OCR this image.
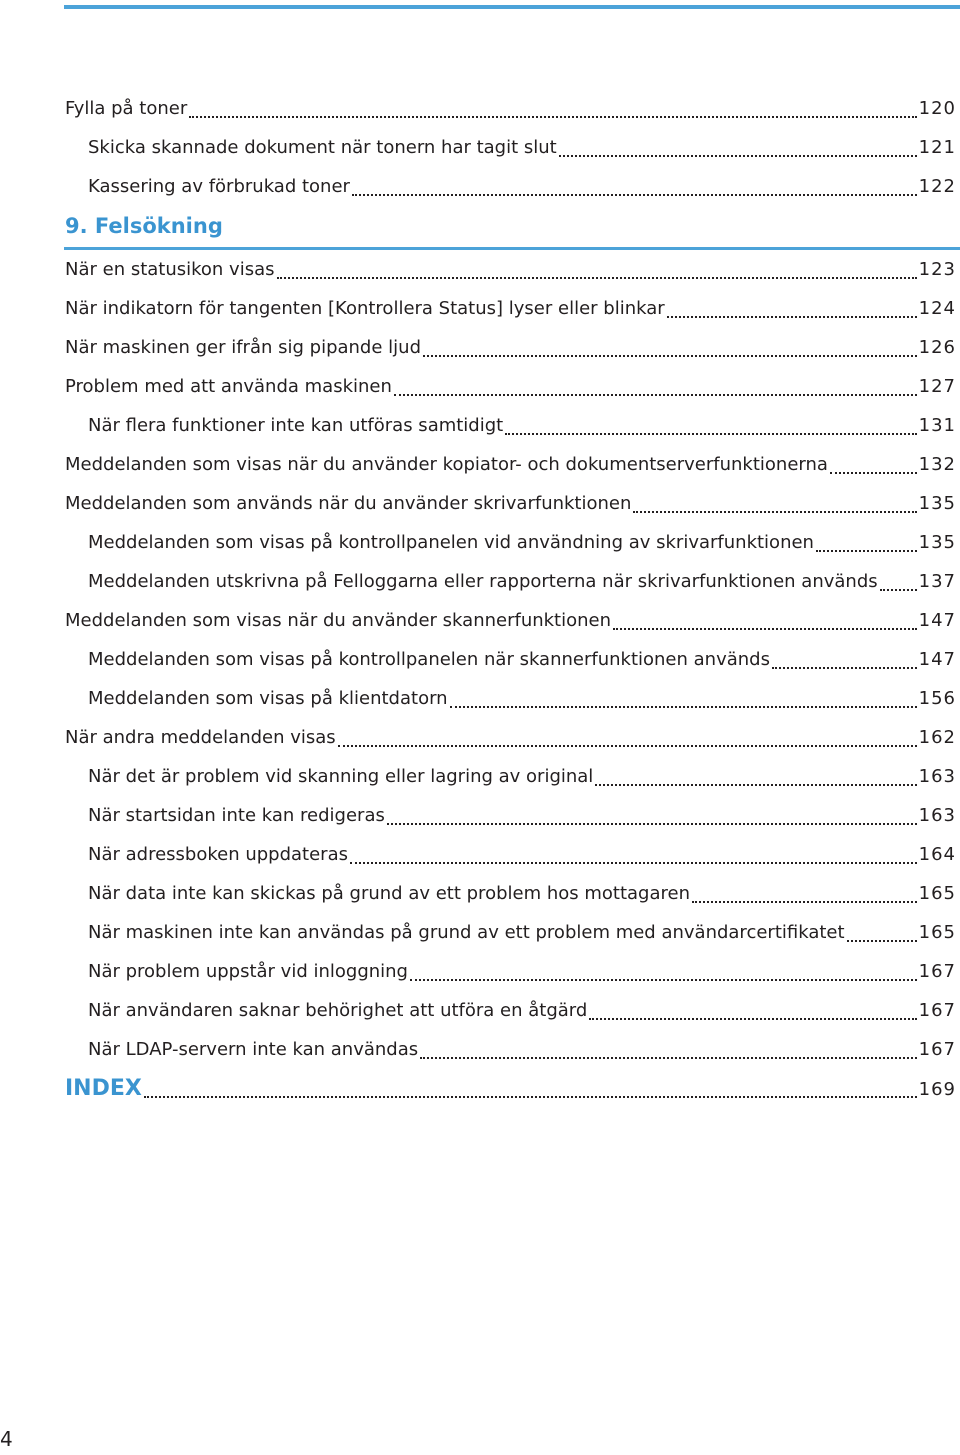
Fylla på toner	120
Skicka skannade dokument när tonern har tagit slut	121
Kassering av förbrukad toner	122
9. Felsökning
När en statusikon visas	123
När indikatorn för tangenten [Kontrollera Status] lyser eller blinkar	124
När maskinen ger ifrån sig pipande ljud	126
Problem med att använda maskinen	127
När flera funktioner inte kan utföras samtidigt	131
Meddelanden som visas när du använder kopiator- och dokumentserverfunktionerna	132
Meddelanden som används när du använder skrivarfunktionen	135
Meddelanden som visas på kontrollpanelen vid användning av skrivarfunktionen	135
Meddelanden utskrivna på Felloggarna eller rapporterna när skrivarfunktionen används 137
Meddelanden som visas när du använder skannerfunktionen	147
Meddelanden som visas på kontrollpanelen när skannerfunktionen används	147
Meddelanden som visas på klientdatorn	156
När andra meddelanden visas	162
När det är problem vid skanning eller lagring av original	163
När startsidan inte kan redigeras	163
När adressboken uppdateras	164
När data inte kan skickas på grund av ett problem hos mottagaren	165
När maskinen inte kan användas på grund av ett problem med användarcertifikatet	165
När problem uppstår vid inloggning	167
När användaren saknar behörighet att utföra en åtgärd	167
När LDAP-servern inte kan användas	167
INDEX	169
4
